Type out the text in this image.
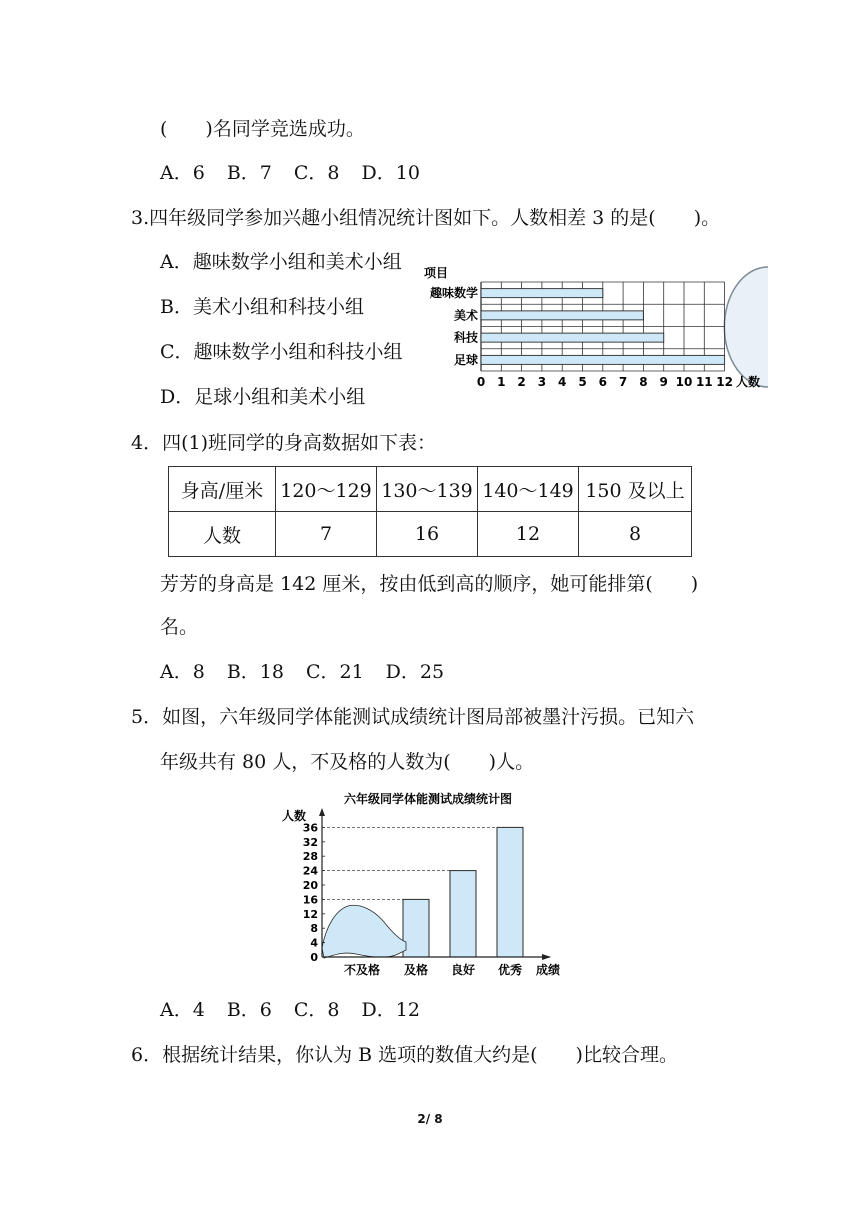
(　　)名同学竞选成功。
A．6 B．7 C．8 D．10
3.四年级同学参加兴趣小组情况统计图如下。人数相差 3 的是(　　)。
A．趣味数学小组和美术小组
B．美术小组和科技小组
C．趣味数学小组和科技小组
D．足球小组和美术小组
项目
趣味数学
美术
科技
足球
0 1 2 3 4 5 6 7 8 9 10 11 12 人数
4．四(1)班同学的身高数据如下表：
身高/厘米	120～129	130～139	140～149	150 及以上
人数	7	16	12	8
芳芳的身高是 142 厘米，按由低到高的顺序，她可能排第(　　)
名。
A．8 B．18 C．21 D．25
5．如图，六年级同学体能测试成绩统计图局部被墨汁污损。已知六
年级共有 80 人，不及格的人数为(　　)人。
六年级同学体能测试成绩统计图
人数
0
4
8
12
16
20
24
28
32
36
不及格 及格 良好 优秀 成绩
A．4 B．6 C．8 D．12
6．根据统计结果，你认为 B 选项的数值大约是(　　)比较合理。
2/ 8
